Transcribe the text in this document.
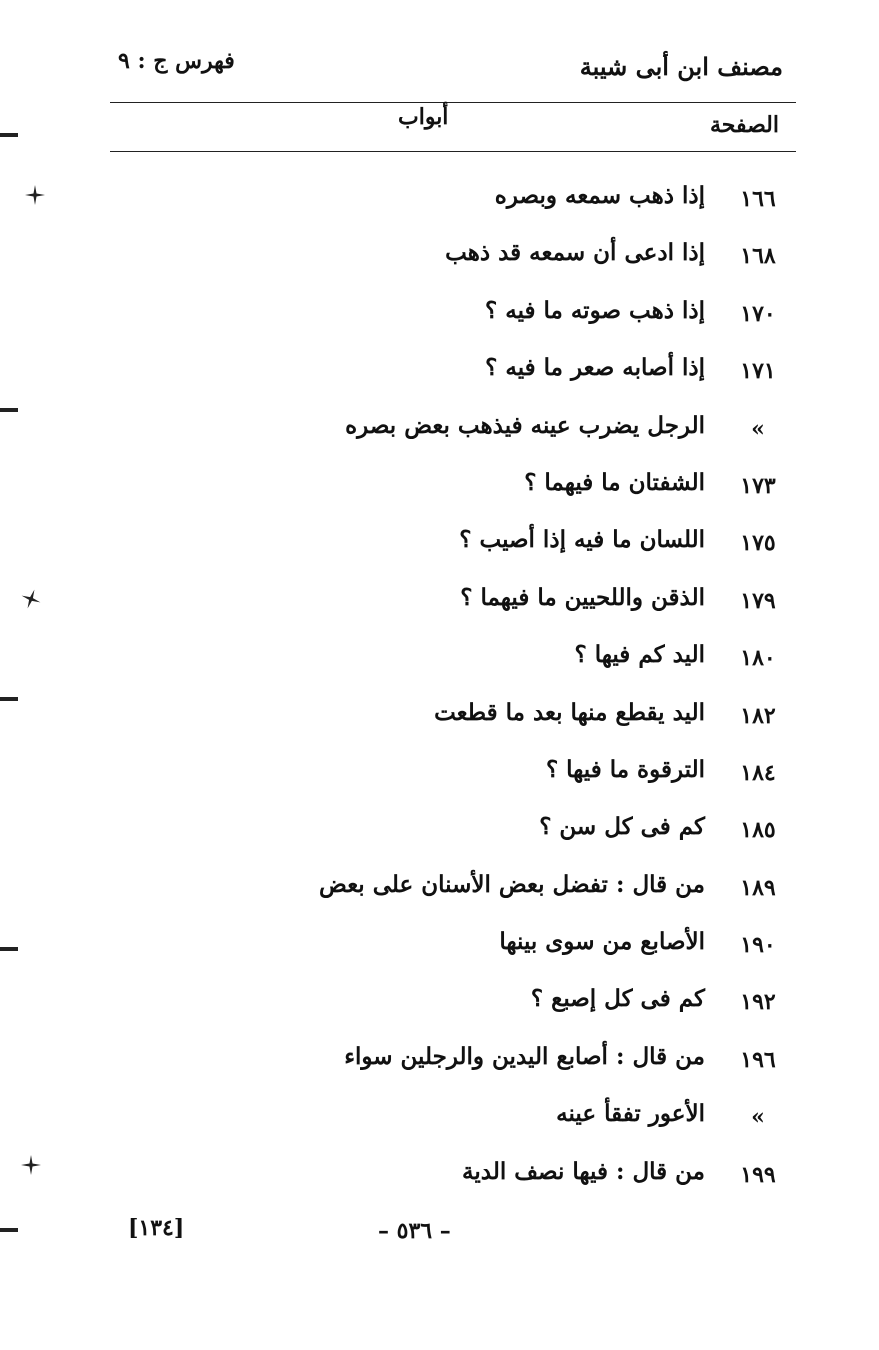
مصنف ابن أبى شيبة
فهرس ج : ٩
الصفحة
أبواب
١٦٦
إذا ذهب سمعه وبصره
١٦٨
إذا ادعى أن سمعه قد ذهب
١٧٠
إذا ذهب صوته ما فيه ؟
١٧١
إذا أصابه صعر ما فيه ؟
»
الرجل يضرب عينه فيذهب بعض بصره
١٧٣
الشفتان ما فيهما ؟
١٧٥
اللسان ما فيه إذا أصيب ؟
١٧٩
الذقن واللحيين ما فيهما ؟
١٨٠
اليد كم فيها ؟
١٨٢
اليد يقطع منها بعد ما قطعت
١٨٤
الترقوة ما فيها ؟
١٨٥
كم فى كل سن ؟
١٨٩
من قال : تفضل بعض الأسنان على بعض
١٩٠
الأصابع من سوى بينها
١٩٢
كم فى كل إصبع ؟
١٩٦
من قال : أصابع اليدين والرجلين سواء
»
الأعور تفقأ عينه
١٩٩
من قال : فيها نصف الدية
[١٣٤]	– ٥٣٦ –
